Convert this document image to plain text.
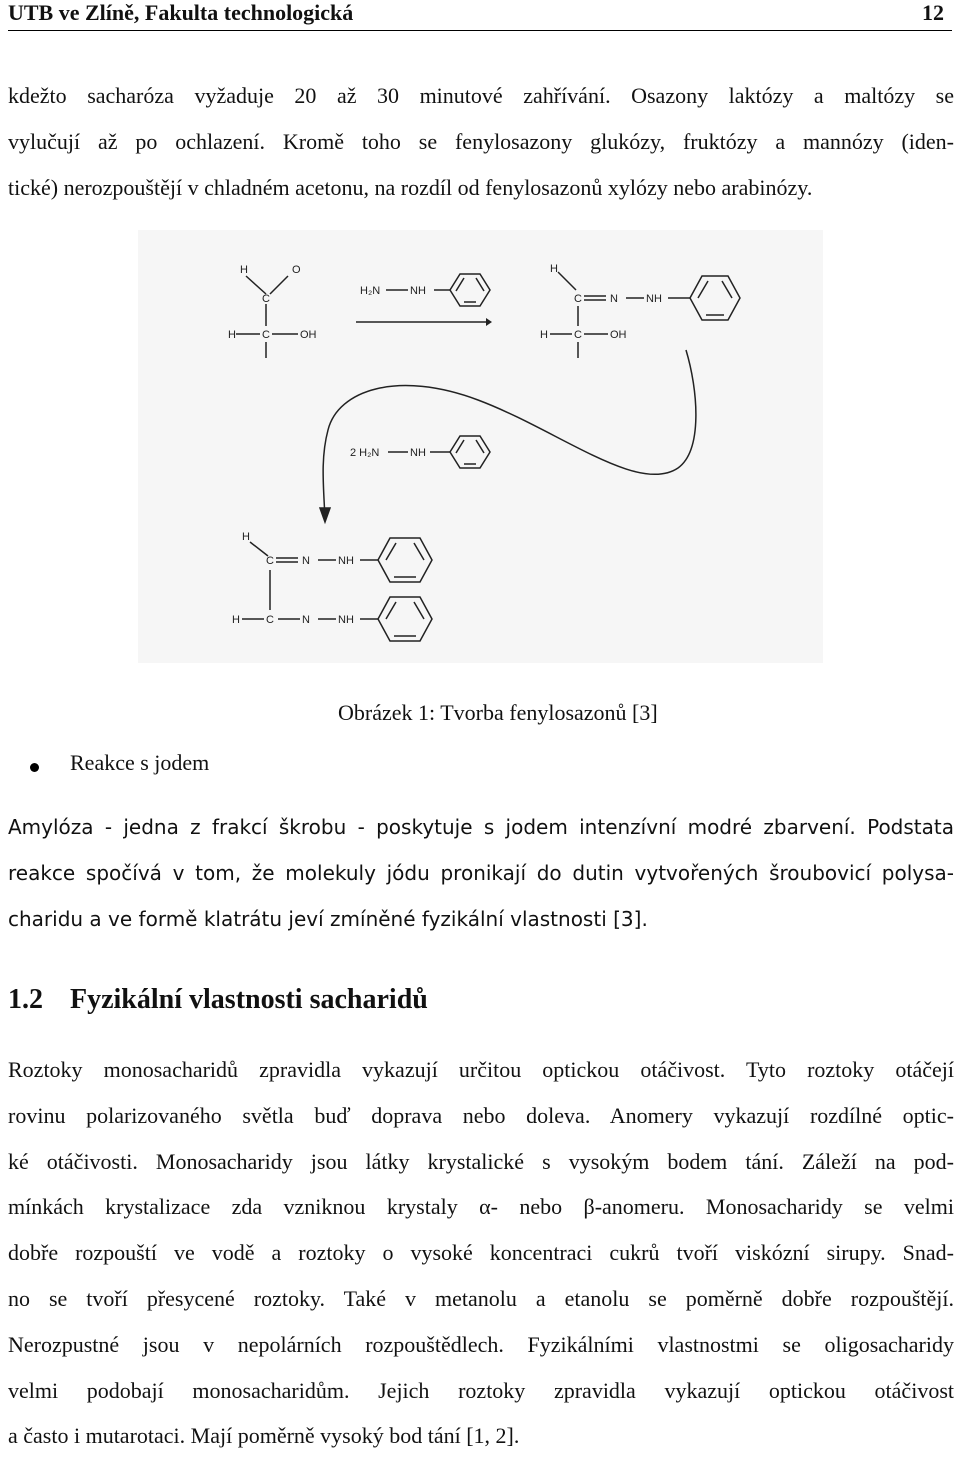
UTB ve Zlíně, Fakulta technologická	12
kdežto sacharóza vyžaduje 20 až 30 minutové zahřívání. Osazony laktózy a maltózy se
vylučují až po ochlazení. Kromě toho se fenylosazony glukózy, fruktózy a mannózy (iden-
tické) nerozpouštějí v chladném acetonu, na rozdíl od fenylosazonů xylózy nebo arabinózy.
H	O
C
H C	OH
H₂N	NH
H
C	N	NH
H C	OH
2 H₂N	NH
H
C	N	NH
H C	N	NH
Obrázek 1: Tvorba fenylosazonů [3]
Reakce s jodem
Amylóza - jedna z frakcí škrobu - poskytuje s jodem intenzívní modré zbarvení. Podstata
reakce spočívá v tom, že molekuly jódu pronikají do dutin vytvořených šroubovicí polysa-
charidu a ve formě klatrátu jeví zmíněné fyzikální vlastnosti [3].
1.2 Fyzikální vlastnosti sacharidů
Roztoky monosacharidů zpravidla vykazují určitou optickou otáčivost. Tyto roztoky otáčejí
rovinu polarizovaného světla buď doprava nebo doleva. Anomery vykazují rozdílné optic-
ké otáčivosti. Monosacharidy jsou látky krystalické s vysokým bodem tání. Záleží na pod-
mínkách krystalizace zda vzniknou krystaly α- nebo β-anomeru. Monosacharidy se velmi
dobře rozpouští ve vodě a roztoky o vysoké koncentraci cukrů tvoří viskózní sirupy. Snad-
no se tvoří přesycené roztoky. Také v metanolu a etanolu se poměrně dobře rozpouštějí.
Nerozpustné jsou v nepolárních rozpouštědlech. Fyzikálními vlastnostmi se oligosacharidy
velmi podobají monosacharidům. Jejich roztoky zpravidla vykazují optickou otáčivost
a často i mutarotaci. Mají poměrně vysoký bod tání [1, 2].
